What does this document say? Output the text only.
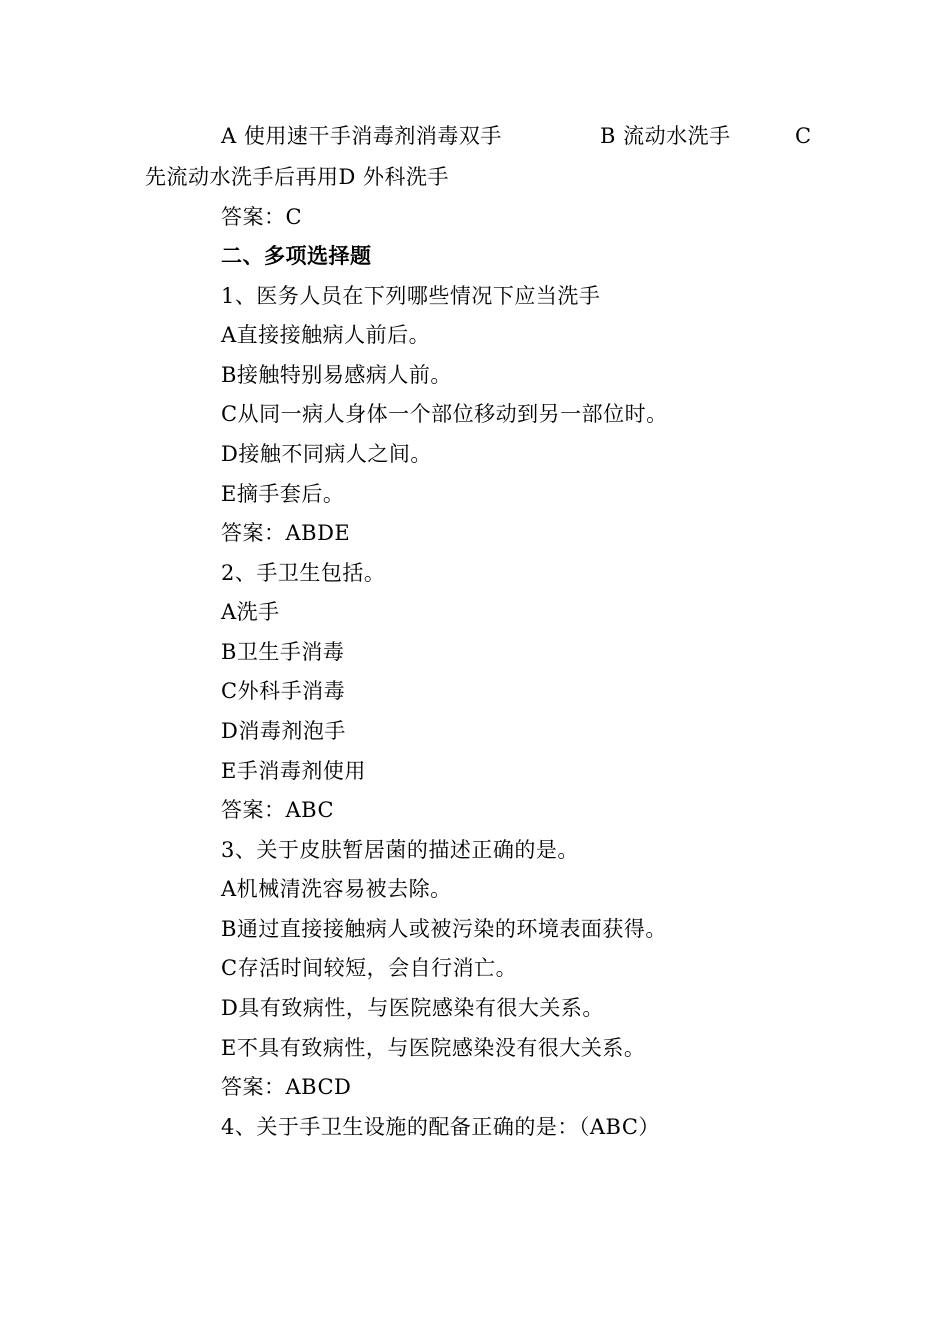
A 使用速干手消毒剂消毒双手	B 流动水洗手	C
先流动水洗手后再用D 外科洗手
答案：C
二、多项选择题
1、医务人员在下列哪些情况下应当洗手
A直接接触病人前后。
B接触特别易感病人前。
C从同一病人身体一个部位移动到另一部位时。
D接触不同病人之间。
E摘手套后。
答案：ABDE
2、手卫生包括。
A洗手
B卫生手消毒
C外科手消毒
D消毒剂泡手
E手消毒剂使用
答案：ABC
3、关于皮肤暂居菌的描述正确的是。
A机械清洗容易被去除。
B通过直接接触病人或被污染的环境表面获得。
C存活时间较短，会自行消亡。
D具有致病性，与医院感染有很大关系。
E不具有致病性，与医院感染没有很大关系。
答案：ABCD
4、关于手卫生设施的配备正确的是：（ABC）
